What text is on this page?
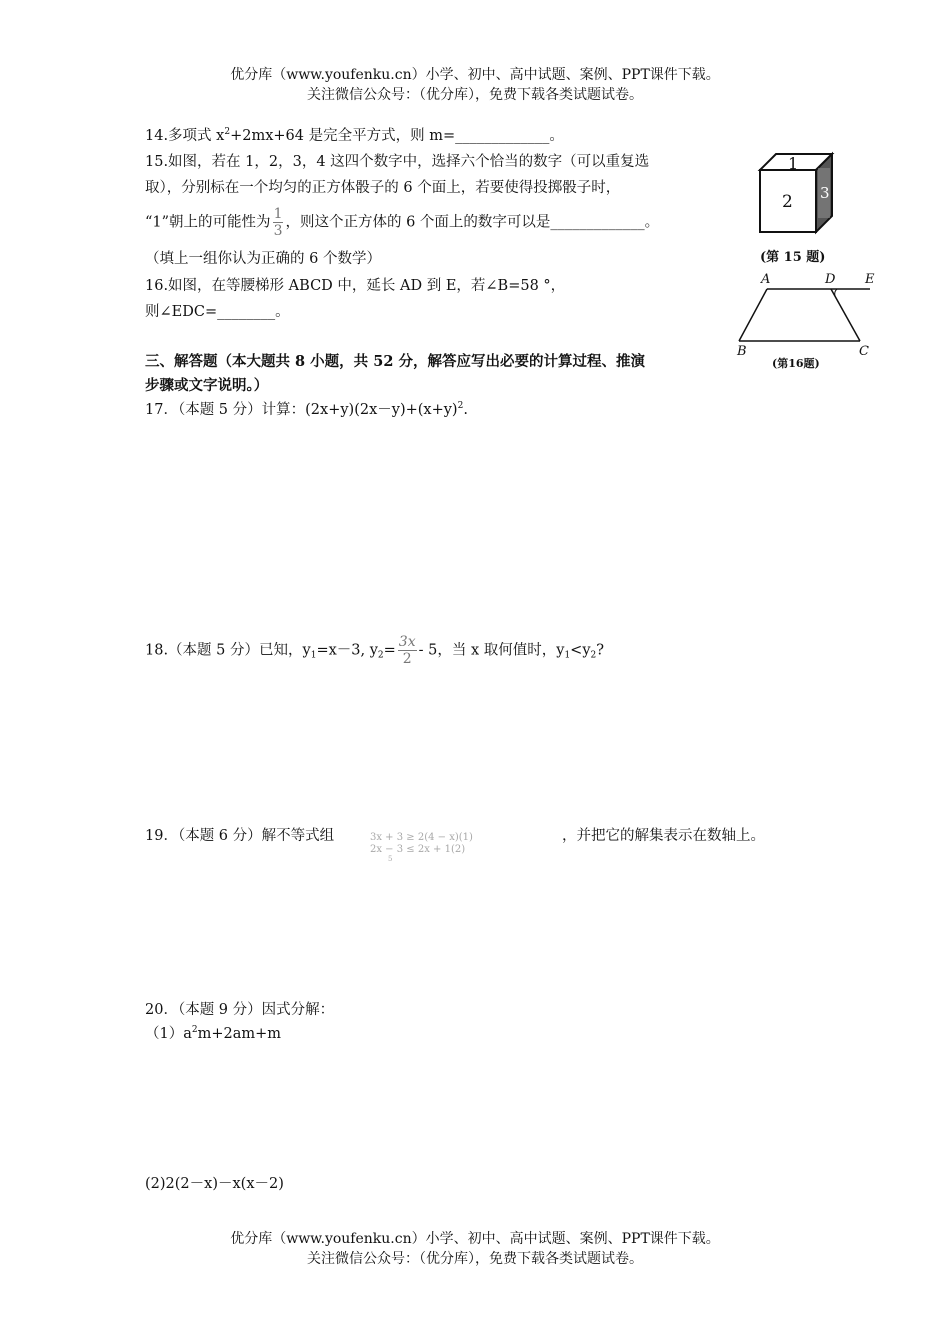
优分库（www.youfenku.cn）小学、初中、高中试题、案例、PPT课件下载。
关注微信公众号：（优分库），免费下载各类试题试卷。
14.多项式 $x^2+2mx+64$ 是完全平方式，则 m=_____________。
15.如图，若在 1，2，3，4 这四个数字中，选择六个恰当的数字（可以重复选
取），分别标在一个均匀的正方体骰子的 6 个面上，若要使得投掷骰子时，
“1”朝上的可能性为 $\frac{1}{3}$ ，则这个正方体的 6 个面上的数字可以是_____________。
（填上一组你认为正确的 6 个数学）
16.如图，在等腰梯形 ABCD 中，延长 AD 到 E，若∠B=58 °，
则∠EDC=________。
三、解答题（本大题共 8 小题，共 52 分，解答应写出必要的计算过程、推演
步骤或文字说明。）
17．（本题 5 分）计算：$(2x+y)(2x-y)+(x+y)^2$.
18.（本题 5 分）已知，$y_1=x-3$, $y_2= \frac{3x}{2} - 5$，当 x 取何值时，$y_1<y_2$?
19．（本题 6 分）解不等式组	3x + 3 ≥ 2(4 − x)(1)
2x − 3 ≤ 2x + 1(2)
5
，并把它的解集表示在数轴上。
20．（本题 9 分）因式分解：
$(1)a^2m+2am+m$
(2)2(2－x)－x(x－2)
优分库（www.youfenku.cn）小学、初中、高中试题、案例、PPT课件下载。
关注微信公众号：（优分库），免费下载各类试题试卷。
1
2 3
(第 15 题)
A	D E
B	C
(第16题)
